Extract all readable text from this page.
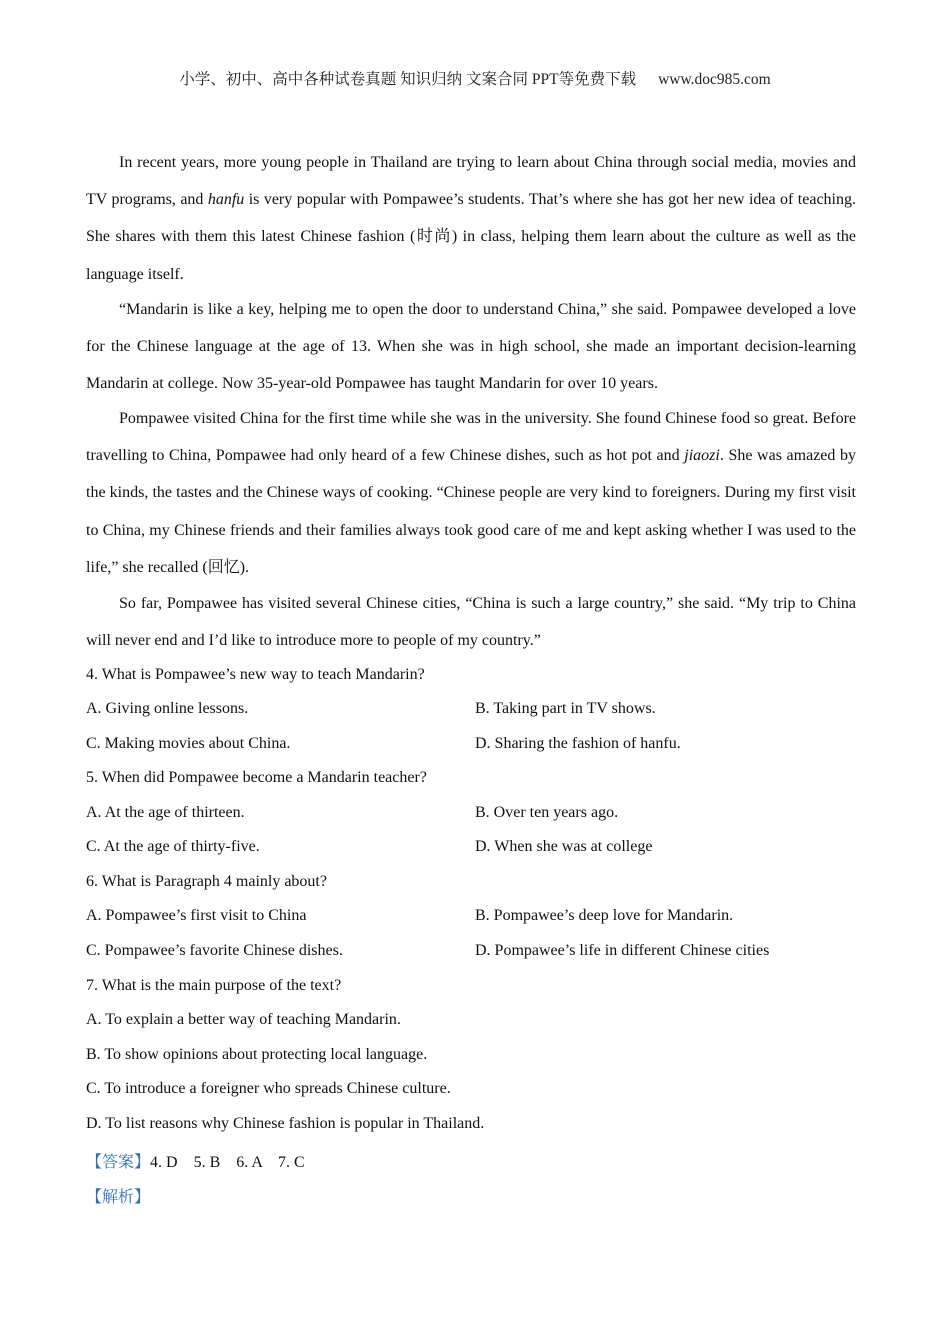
小学、初中、高中各种试卷真题 知识归纳 文案合同 PPT等免费下载 www.doc985.com

In recent years, more young people in Thailand are trying to learn about China through social media, movies and TV programs, and hanfu is very popular with Pompawee’s students. That’s where she has got her new idea of teaching. She shares with them this latest Chinese fashion (时尚) in class, helping them learn about the culture as well as the language itself.

“Mandarin is like a key, helping me to open the door to understand China,” she said. Pompawee developed a love for the Chinese language at the age of 13. When she was in high school, she made an important decision-learning Mandarin at college. Now 35-year-old Pompawee has taught Mandarin for over 10 years.

Pompawee visited China for the first time while she was in the university. She found Chinese food so great. Before travelling to China, Pompawee had only heard of a few Chinese dishes, such as hot pot and jiaozi. She was amazed by the kinds, the tastes and the Chinese ways of cooking. “Chinese people are very kind to foreigners. During my first visit to China, my Chinese friends and their families always took good care of me and kept asking whether I was used to the life,” she recalled (回忆).

So far, Pompawee has visited several Chinese cities, “China is such a large country,” she said. “My trip to China will never end and I’d like to introduce more to people of my country.”

4. What is Pompawee’s new way to teach Mandarin?
A. Giving online lessons.	B. Taking part in TV shows.
C. Making movies about China.	D. Sharing the fashion of hanfu.
5. When did Pompawee become a Mandarin teacher?
A. At the age of thirteen.	B. Over ten years ago.
C. At the age of thirty-five.	D. When she was at college
6. What is Paragraph 4 mainly about?
A. Pompawee’s first visit to China	B. Pompawee’s deep love for Mandarin.
C. Pompawee’s favorite Chinese dishes.	D. Pompawee’s life in different Chinese cities
7. What is the main purpose of the text?
A. To explain a better way of teaching Mandarin.
B. To show opinions about protecting local language.
C. To introduce a foreigner who spreads Chinese culture.
D. To list reasons why Chinese fashion is popular in Thailand.
【答案】4. D    5. B    6. A    7. C
【解析】
